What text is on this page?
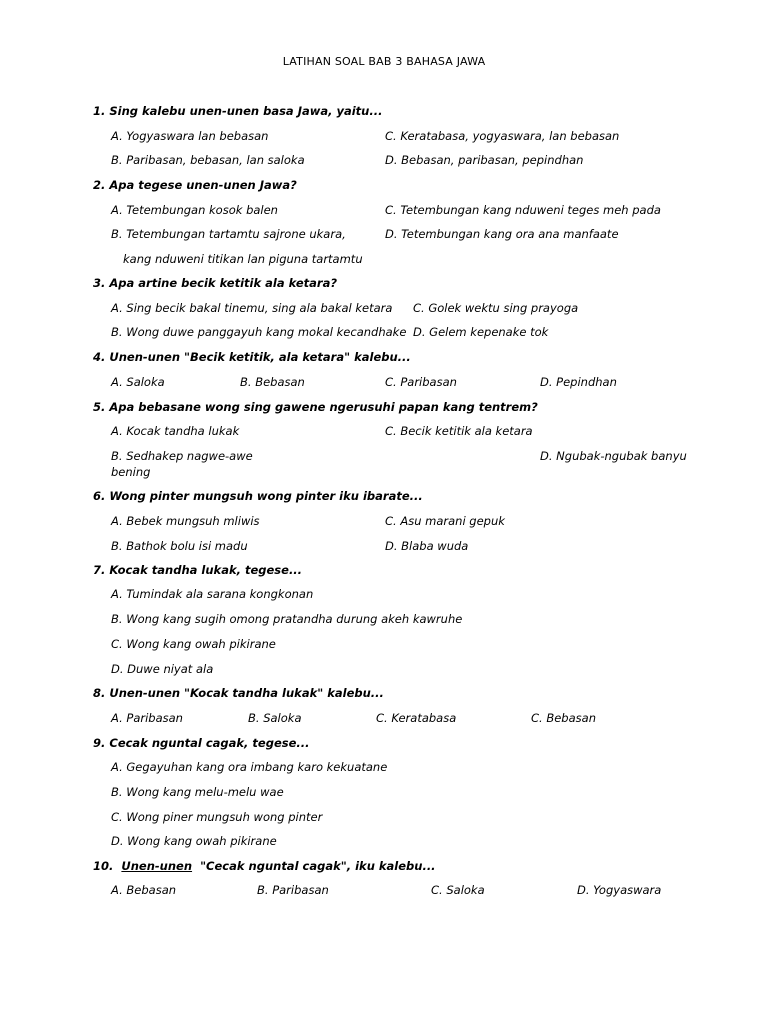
LATIHAN SOAL BAB 3 BAHASA JAWA
1. Sing kalebu unen-unen basa Jawa, yaitu...
A. Yogyaswara lan bebasan	C. Keratabasa, yogyaswara, lan bebasan
B. Paribasan, bebasan, lan saloka	D. Bebasan, paribasan, pepindhan
2. Apa tegese unen-unen Jawa?
A. Tetembungan kosok balen	C. Tetembungan kang nduweni teges meh pada
B. Tetembungan tartamtu sajrone ukara,	D. Tetembungan kang ora ana manfaate
kang nduweni titikan lan piguna tartamtu
3. Apa artine becik ketitik ala ketara?
A. Sing becik bakal tinemu, sing ala bakal ketara C. Golek wektu sing prayoga
B. Wong duwe panggayuh kang mokal kecandhake D. Gelem kepenake tok
4. Unen-unen "Becik ketitik, ala ketara" kalebu...
A. Saloka	B. Bebasan	C. Paribasan	D. Pepindhan
5. Apa bebasane wong sing gawene ngerusuhi papan kang tentrem?
A. Kocak tandha lukak	C. Becik ketitik ala ketara
B. Sedhakep nagwe-awe	D. Ngubak-ngubak banyu
bening
6. Wong pinter mungsuh wong pinter iku ibarate...
A. Bebek mungsuh mliwis	C. Asu marani gepuk
B. Bathok bolu isi madu	D. Blaba wuda
7. Kocak tandha lukak, tegese...
A. Tumindak ala sarana kongkonan
B. Wong kang sugih omong pratandha durung akeh kawruhe
C. Wong kang owah pikirane
D. Duwe niyat ala
8. Unen-unen "Kocak tandha lukak" kalebu...
A. Paribasan	B. Saloka	C. Keratabasa	C. Bebasan
9. Cecak nguntal cagak, tegese...
A. Gegayuhan kang ora imbang karo kekuatane
B. Wong kang melu-melu wae
C. Wong piner mungsuh wong pinter
D. Wong kang owah pikirane
10. Unen-unen "Cecak nguntal cagak", iku kalebu...
A. Bebasan	B. Paribasan	C. Saloka	D. Yogyaswara
